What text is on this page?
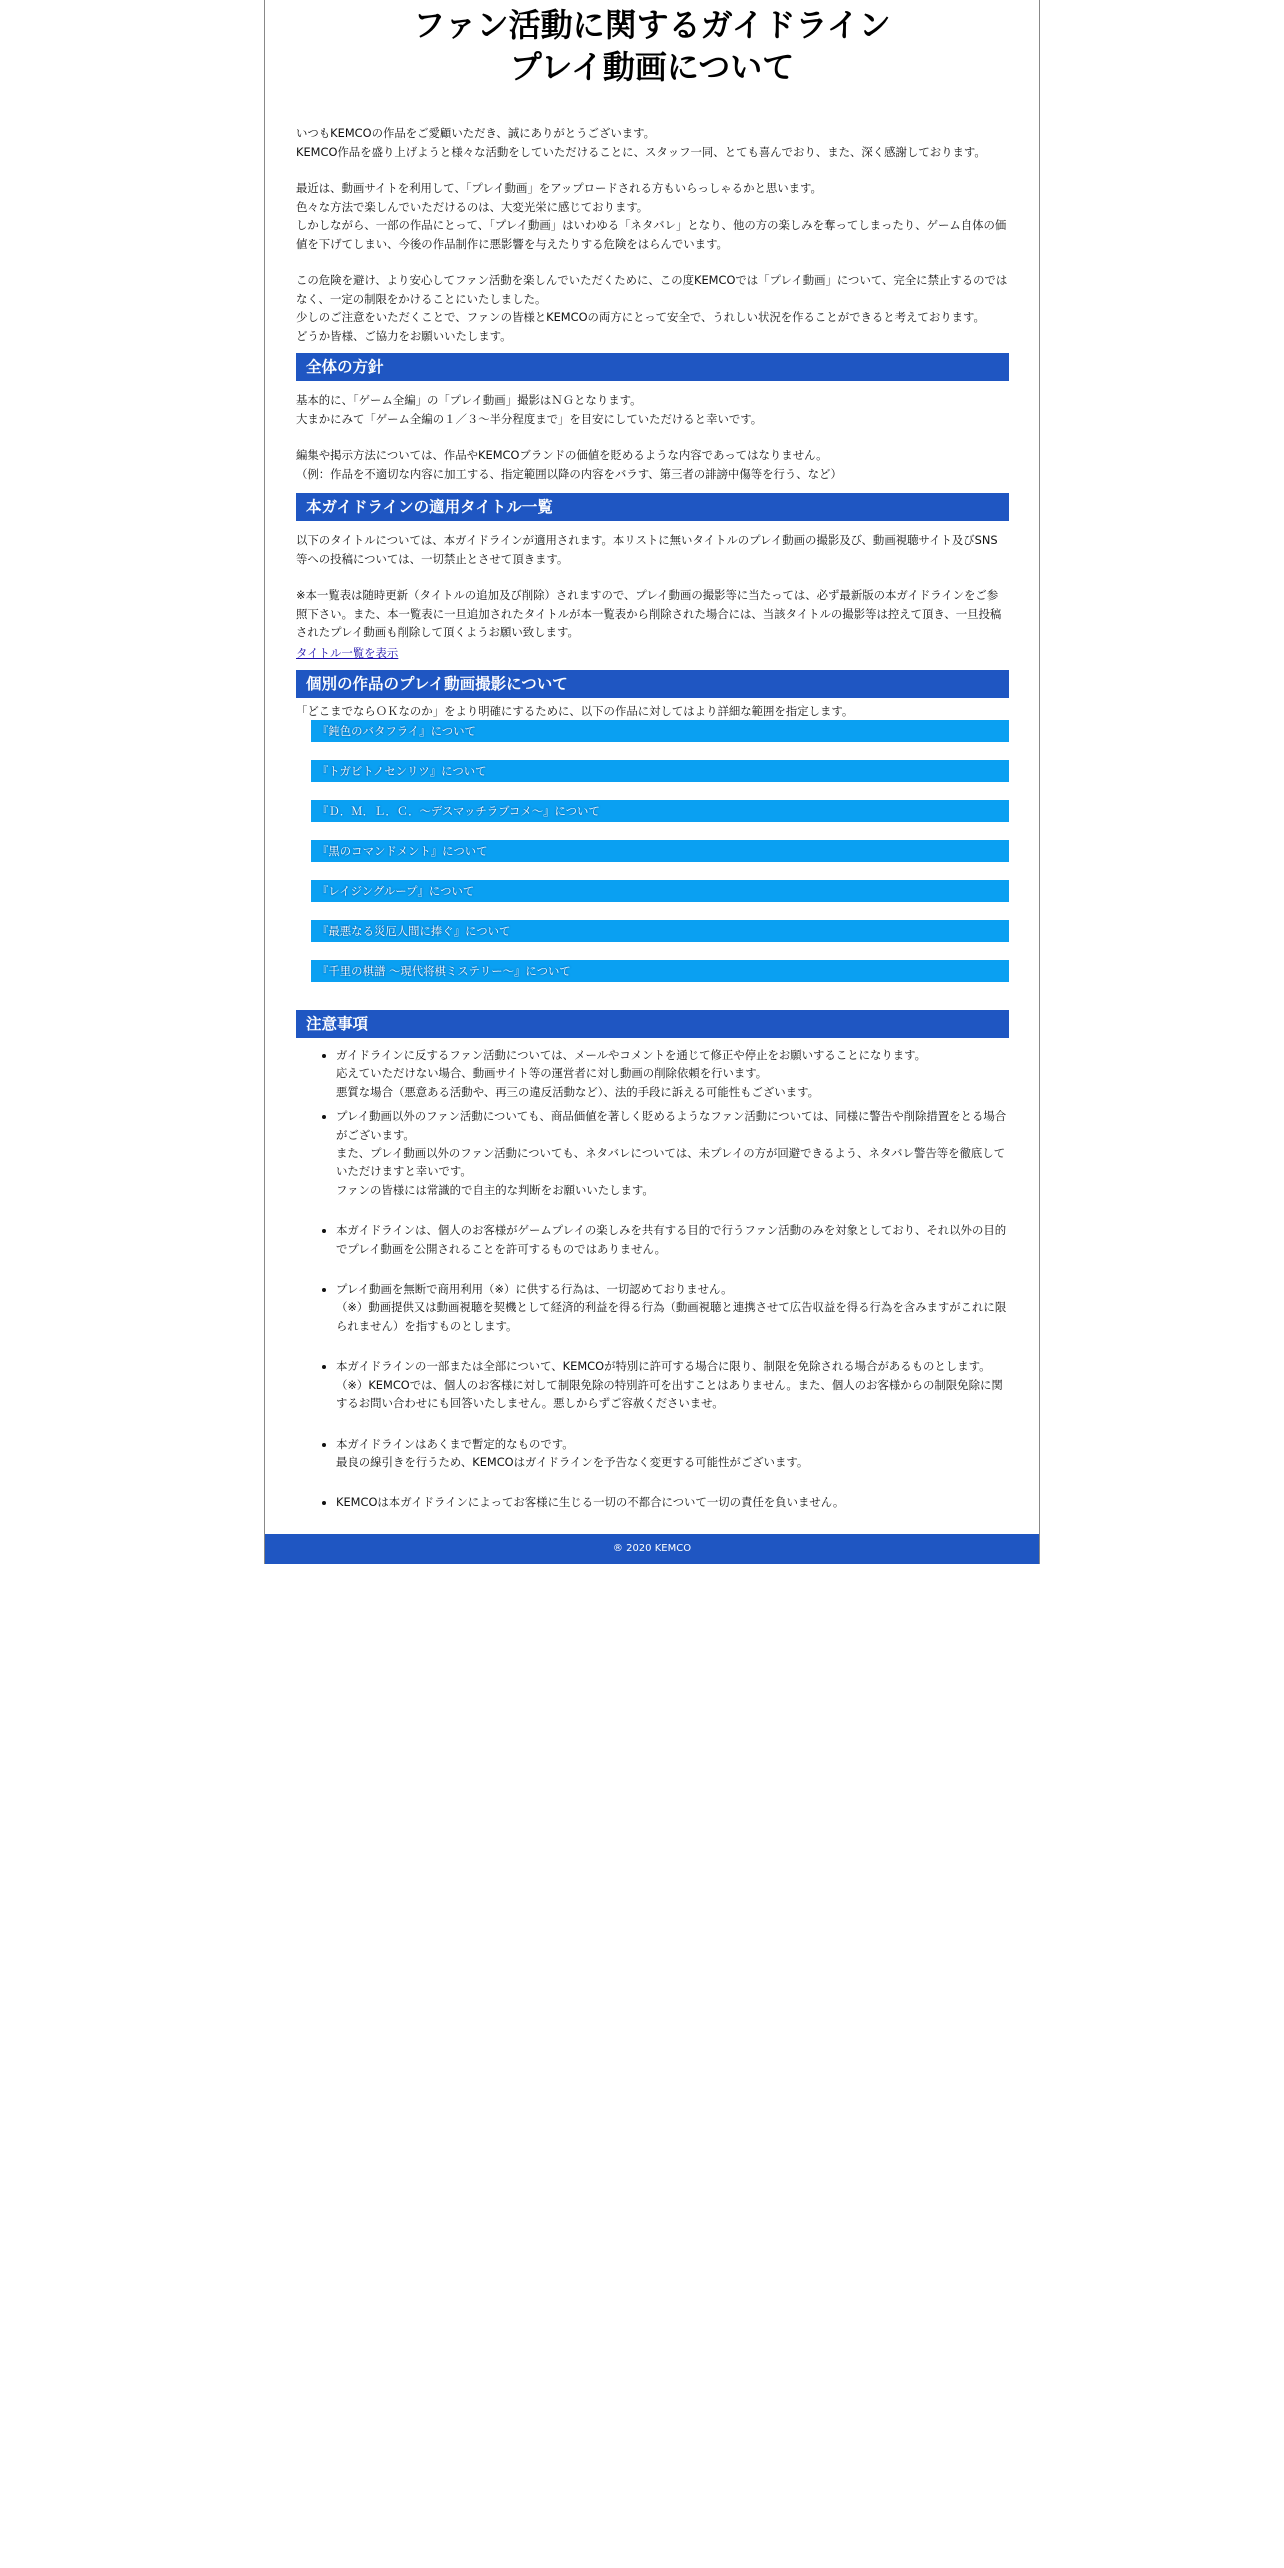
ファン活動に関するガイドライン
プレイ動画について

いつもKEMCOの作品をご愛顧いただき、誠にありがとうございます。
KEMCO作品を盛り上げようと様々な活動をしていただけることに、スタッフ一同、とても喜んでおり、また、深く感謝しております。

最近は、動画サイトを利用して、「プレイ動画」をアップロードされる方もいらっしゃるかと思います。
色々な方法で楽しんでいただけるのは、大変光栄に感じております。
しかしながら、一部の作品にとって、「プレイ動画」はいわゆる「ネタバレ」となり、他の方の楽しみを奪ってしまったり、ゲーム自体の価値を下げてしまい、今後の作品制作に悪影響を与えたりする危険をはらんでいます。

この危険を避け、より安心してファン活動を楽しんでいただくために、この度KEMCOでは「プレイ動画」について、完全に禁止するのではなく、一定の制限をかけることにいたしました。
少しのご注意をいただくことで、ファンの皆様とKEMCOの両方にとって安全で、うれしい状況を作ることができると考えております。
どうか皆様、ご協力をお願いいたします。

全体の方針

基本的に、「ゲーム全編」の「プレイ動画」撮影はＮＧとなります。
大まかにみて「ゲーム全編の１／３～半分程度まで」を目安にしていただけると幸いです。

編集や掲示方法については、作品やKEMCOブランドの価値を貶めるような内容であってはなりません。
（例：作品を不適切な内容に加工する、指定範囲以降の内容をバラす、第三者の誹謗中傷等を行う、など）

本ガイドラインの適用タイトル一覧

以下のタイトルについては、本ガイドラインが適用されます。本リストに無いタイトルのプレイ動画の撮影及び、動画視聴サイト及びSNS等への投稿については、一切禁止とさせて頂きます。

※本一覧表は随時更新（タイトルの追加及び削除）されますので、プレイ動画の撮影等に当たっては、必ず最新版の本ガイドラインをご参照下さい。また、本一覧表に一旦追加されたタイトルが本一覧表から削除された場合には、当該タイトルの撮影等は控えて頂き、一旦投稿されたプレイ動画も削除して頂くようお願い致します。

タイトル一覧を表示
個別の作品のプレイ動画撮影について

「どこまでならＯＫなのか」をより明確にするために、以下の作品に対してはより詳細な範囲を指定します。

『鈍色のバタフライ』について
『トガビトノセンリツ』について
『Ｄ．Ｍ．Ｌ．Ｃ．～デスマッチラブコメ～』について
『黒のコマンドメント』について
『レイジングループ』について
『最悪なる災厄人間に捧ぐ』について
『千里の棋譜 ～現代将棋ミステリー～』について
注意事項
• ガイドラインに反するファン活動については、メールやコメントを通じて修正や停止をお願いすることになります。
応えていただけない場合、動画サイト等の運営者に対し動画の削除依頼を行います。
悪質な場合（悪意ある活動や、再三の違反活動など）、法的手段に訴える可能性もございます。
• プレイ動画以外のファン活動についても、商品価値を著しく貶めるようなファン活動については、同様に警告や削除措置をとる場合がございます。
また、プレイ動画以外のファン活動についても、ネタバレについては、未プレイの方が回避できるよう、ネタバレ警告等を徹底していただけますと幸いです。
ファンの皆様には常識的で自主的な判断をお願いいたします。
• 本ガイドラインは、個人のお客様がゲームプレイの楽しみを共有する目的で行うファン活動のみを対象としており、それ以外の目的でプレイ動画を公開されることを許可するものではありません。
• プレイ動画を無断で商用利用（※）に供する行為は、一切認めておりません。
（※）動画提供又は動画視聴を契機として経済的利益を得る行為（動画視聴と連携させて広告収益を得る行為を含みますがこれに限られません）を指すものとします。
• 本ガイドラインの一部または全部について、KEMCOが特別に許可する場合に限り、制限を免除される場合があるものとします。
（※）KEMCOでは、個人のお客様に対して制限免除の特別許可を出すことはありません。また、個人のお客様からの制限免除に関するお問い合わせにも回答いたしません。悪しからずご容赦くださいませ。
• 本ガイドラインはあくまで暫定的なものです。
最良の線引きを行うため、KEMCOはガイドラインを予告なく変更する可能性がございます。
• KEMCOは本ガイドラインによってお客様に生じる一切の不都合について一切の責任を負いません。
® 2020 KEMCO
